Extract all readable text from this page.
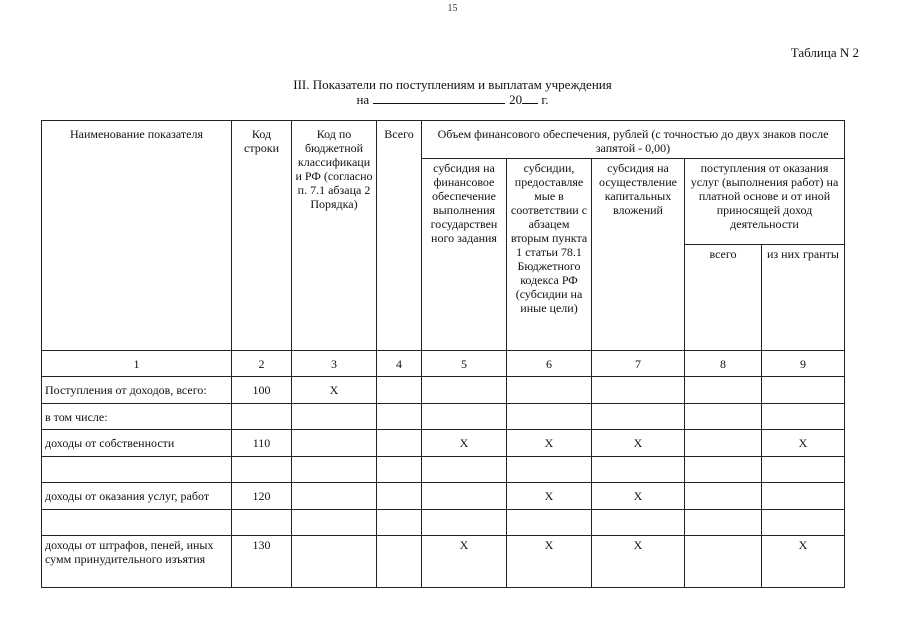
15
Таблица N 2
III. Показатели по поступлениям и выплатам учреждения
на	20 г.
Наименование показателя	Код строки	Код по бюджетной классификаци и РФ (согласно п. 7.1 абзаца 2 Порядка)	Всего	Объем финансового обеспечения, рублей (с точностью до двух знаков после запятой - 0,00)				
				субсидия на финансовое обеспечение выполнения государствен ного задания	субсидии, предоставляе мые в соответствии с абзацем вторым пункта 1 статьи 78.1 Бюджетного кодекса РФ (субсидии на иные цели)	субсидия на осуществление капитальных вложений	поступления от оказания услуг (выполнения работ) на платной основе и от иной приносящей доход деятельности	
							всего	из них гранты
1	2	3	4	5	6	7	8	9
Поступления от доходов, всего:	100	X						
в том числе:								
доходы от собственности	110			X	X	X		X

доходы от оказания услуг, работ	120				X	X		

доходы от штрафов, пеней, иных сумм принудительного изъятия	130			X	X	X		X
